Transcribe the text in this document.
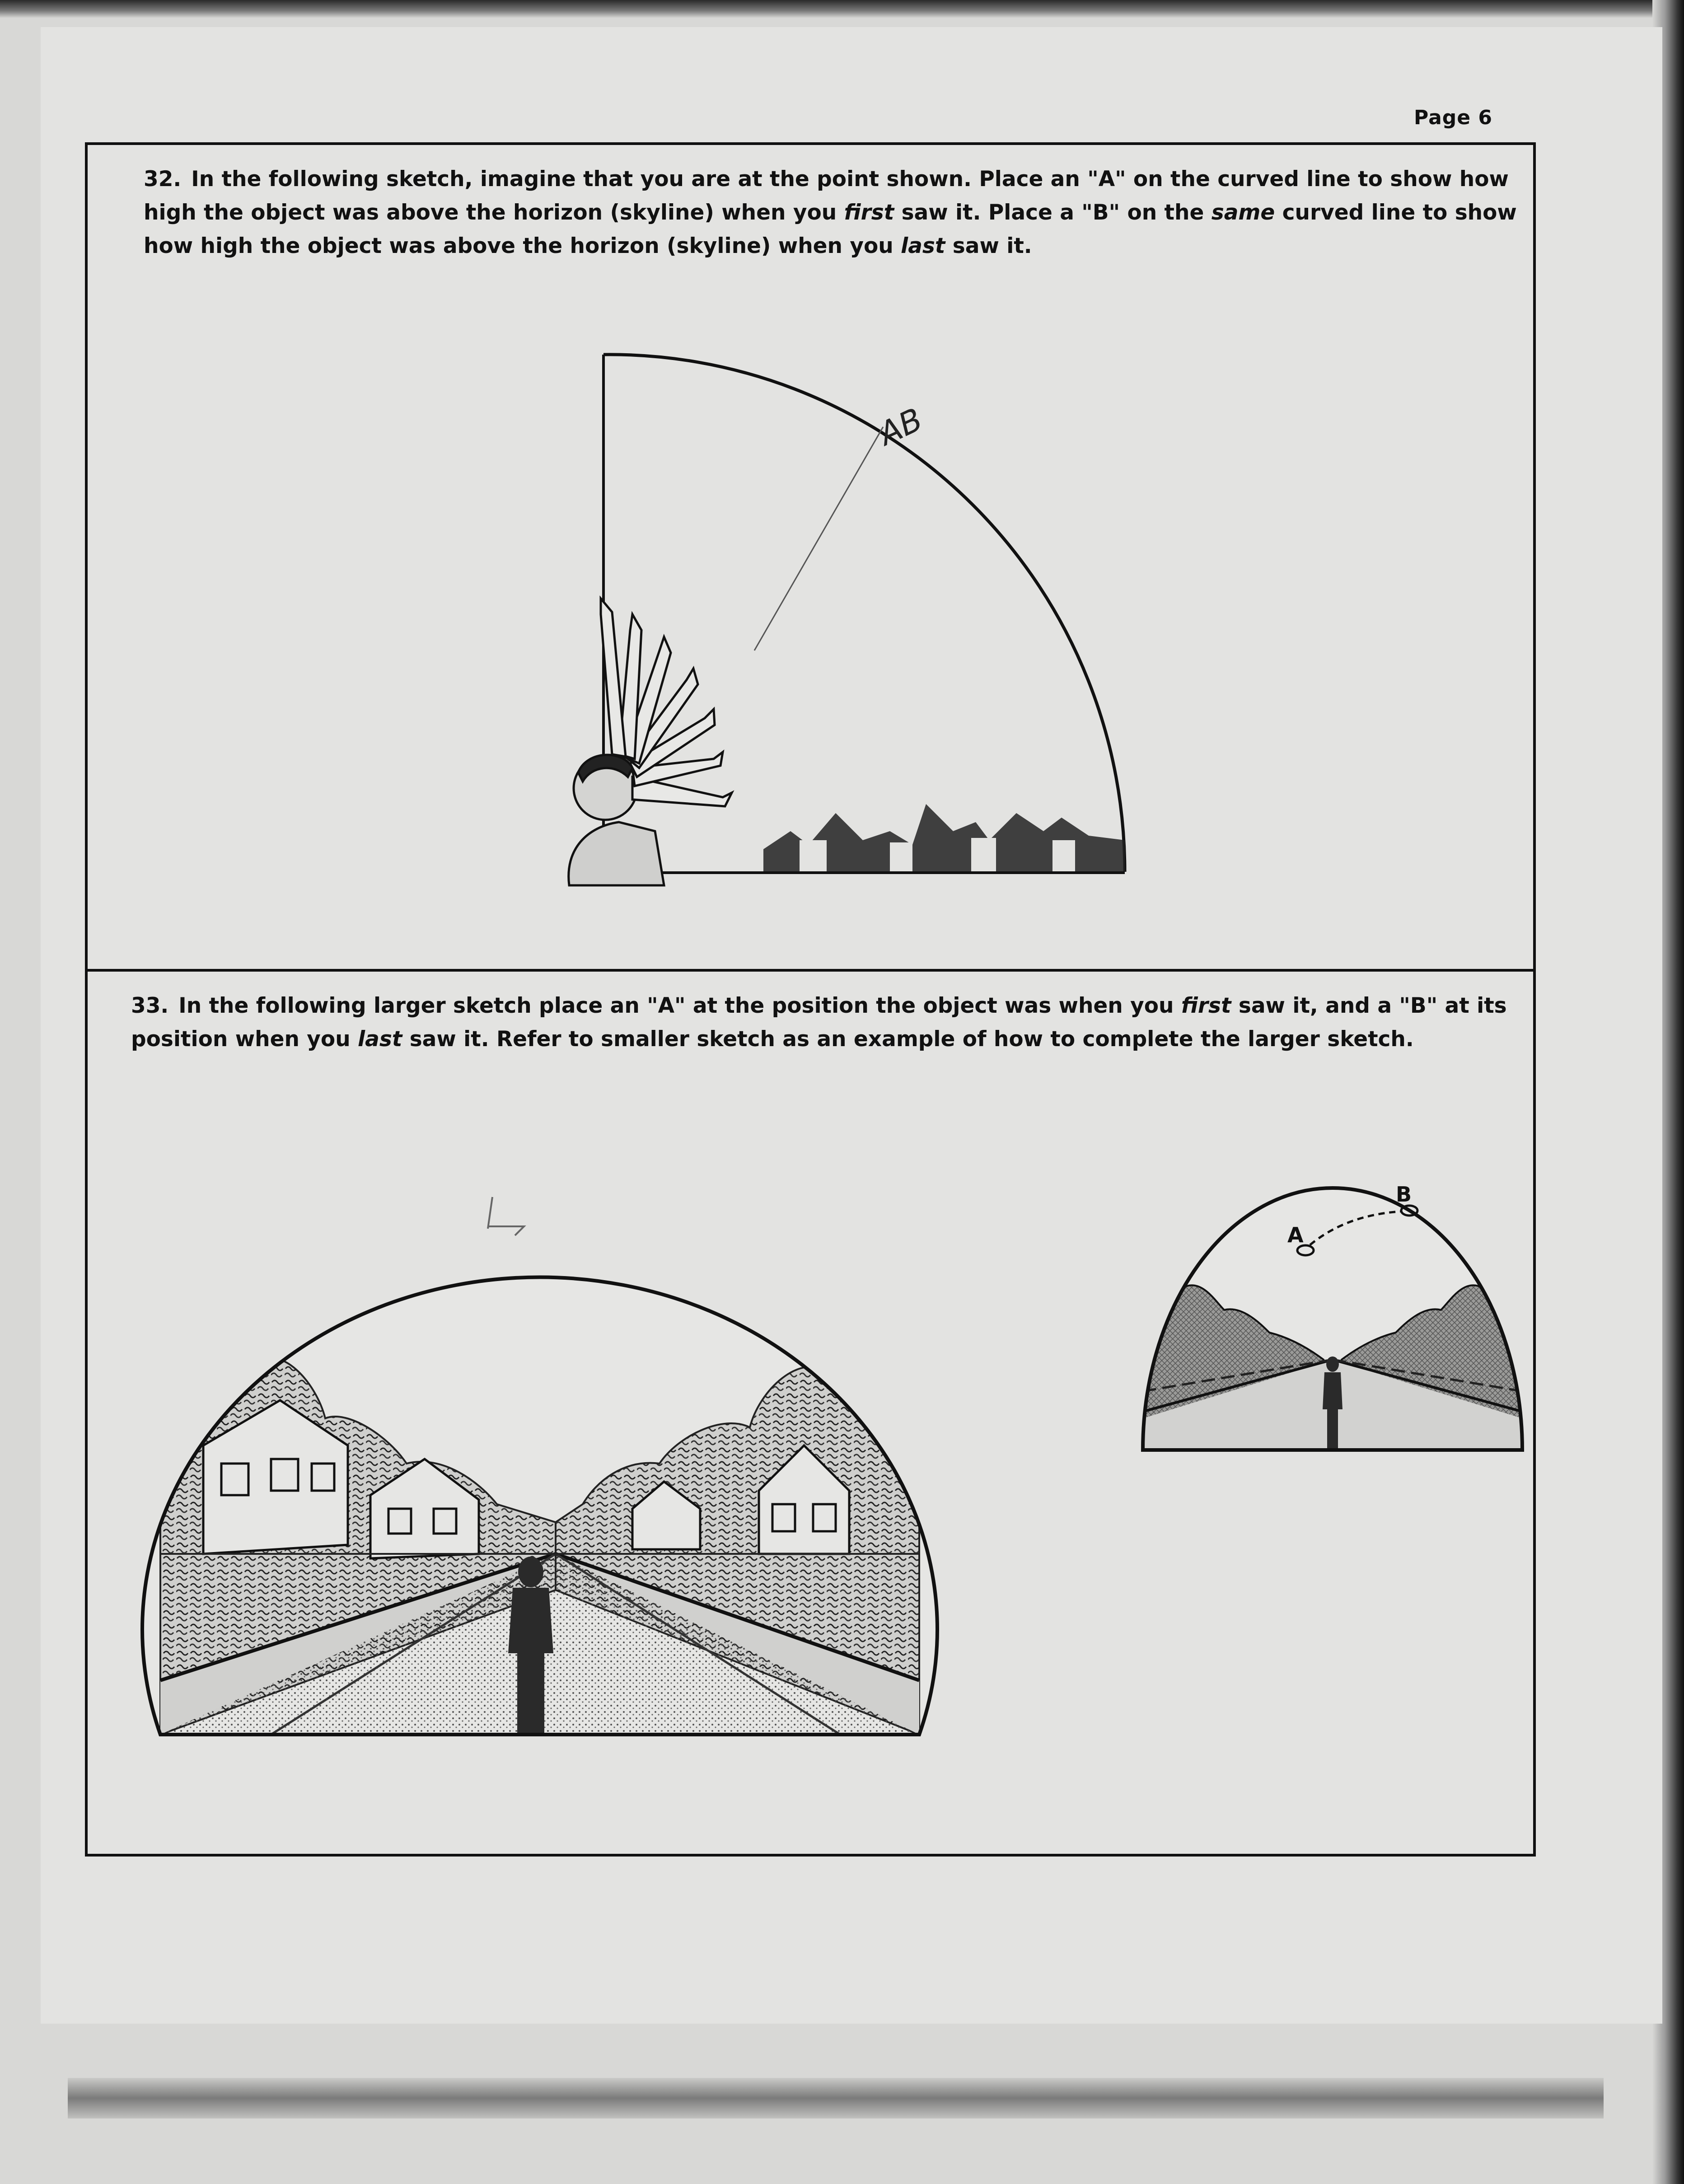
Page 6

32. In the following sketch, imagine that you are at the point shown. Place an "A" on the curved line to show how high the object was above the horizon (skyline) when you first saw it. Place a "B" on the same curved line to show how high the object was above the horizon (skyline) when you last saw it.

AB

33. In the following larger sketch place an "A" at the position the object was when you first saw it, and a "B" at its position when you last saw it. Refer to smaller sketch as an example of how to complete the larger sketch.

A
B
